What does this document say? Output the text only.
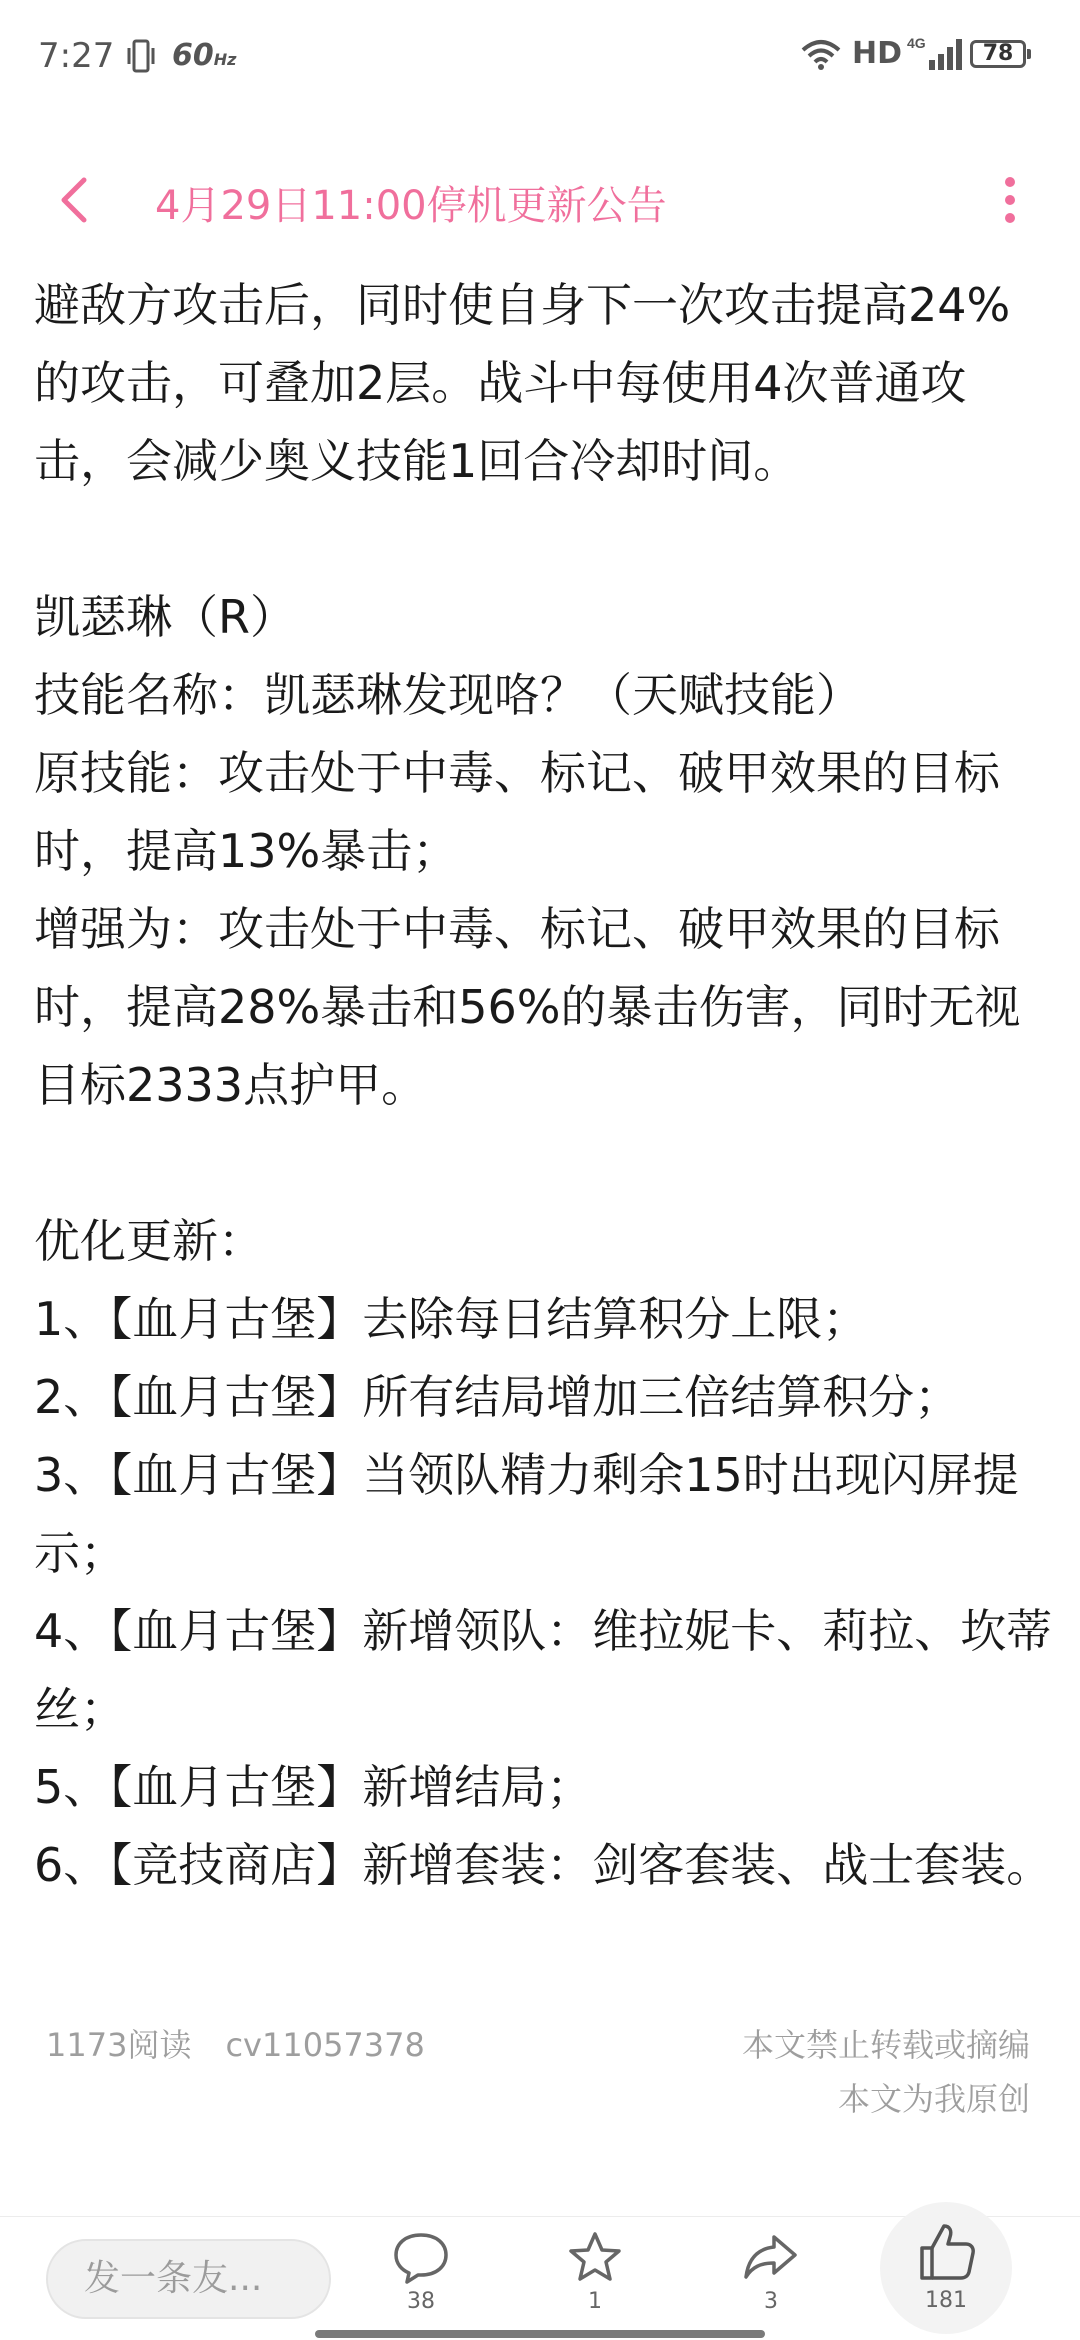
7:27 60Hz	HD 4G	78
4月29日11:00停机更新公告

避敌方攻击后，同时使自身下一次攻击提高24%的攻击，可叠加2层。战斗中每使用4次普通攻击，会减少奥义技能1回合冷却时间。

凯瑟琳（R）

技能名称：凯瑟琳发现咯？（天赋技能）

原技能：攻击处于中毒、标记、破甲效果的目标时，提高13%暴击；

增强为：攻击处于中毒、标记、破甲效果的目标时，提高28%暴击和56%的暴击伤害，同时无视目标2333点护甲。

优化更新：

1、【血月古堡】去除每日结算积分上限；

2、【血月古堡】所有结局增加三倍结算积分；

3、【血月古堡】当领队精力剩余15时出现闪屏提示；

4、【血月古堡】新增领队：维拉妮卡、莉拉、坎蒂丝；

5、【血月古堡】新增结局；

6、【竞技商店】新增套装：剑客套装、战士套装。

1173阅读 cv11057378	本文禁止转载或摘编
本文为我原创
发一条友...
38	1	3	181
